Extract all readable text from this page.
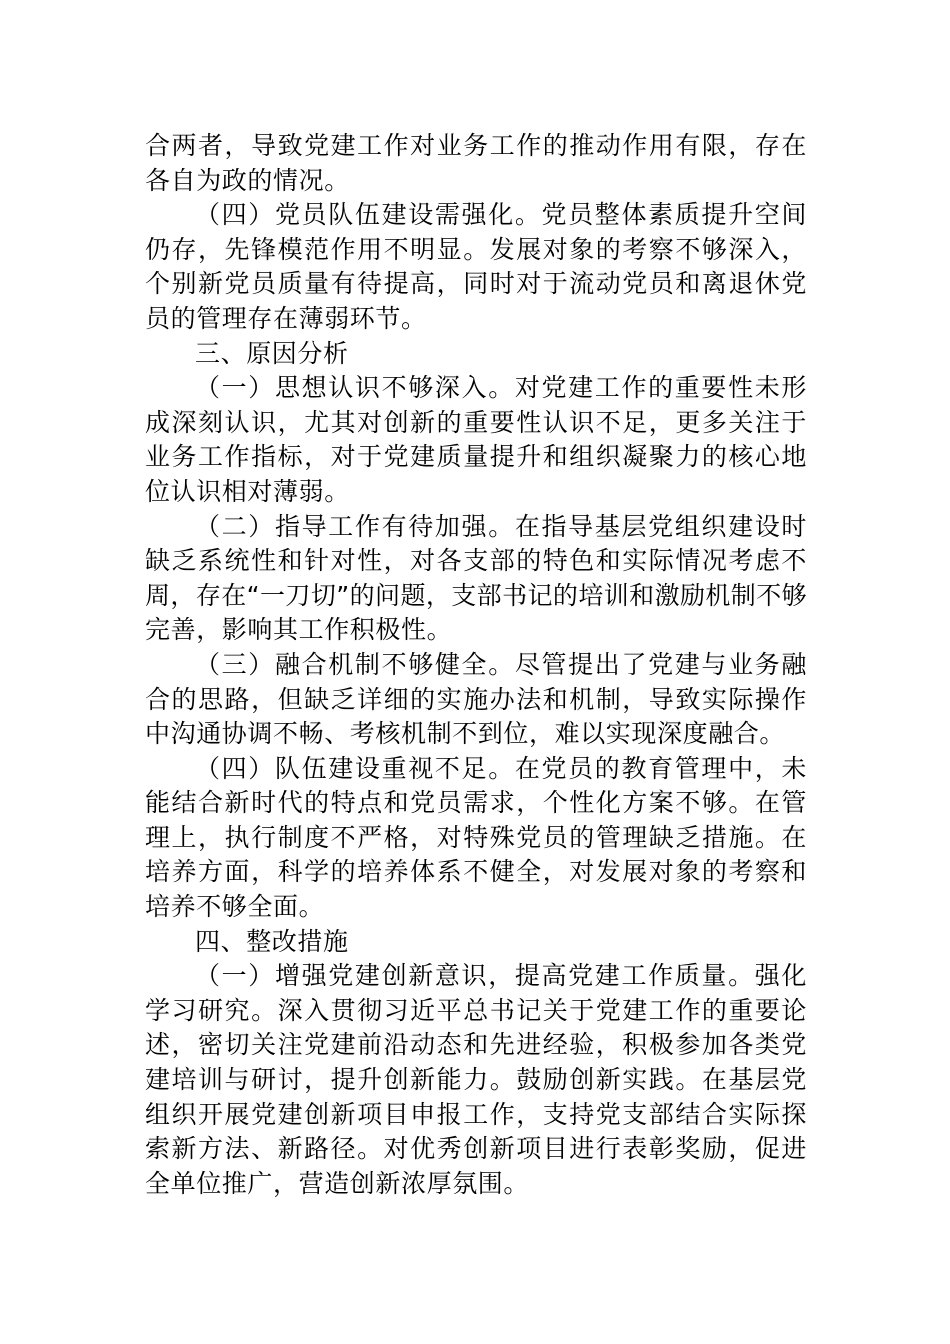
合两者，导致党建工作对业务工作的推动作用有限，存在
各自为政的情况。
（四）党员队伍建设需强化。党员整体素质提升空间
仍存，先锋模范作用不明显。发展对象的考察不够深入，
个别新党员质量有待提高，同时对于流动党员和离退休党
员的管理存在薄弱环节。
三、原因分析
（一）思想认识不够深入。对党建工作的重要性未形
成深刻认识，尤其对创新的重要性认识不足，更多关注于
业务工作指标，对于党建质量提升和组织凝聚力的核心地
位认识相对薄弱。
（二）指导工作有待加强。在指导基层党组织建设时
缺乏系统性和针对性，对各支部的特色和实际情况考虑不
周，存在“一刀切”的问题，支部书记的培训和激励机制不够
完善，影响其工作积极性。
（三）融合机制不够健全。尽管提出了党建与业务融
合的思路，但缺乏详细的实施办法和机制，导致实际操作
中沟通协调不畅、考核机制不到位，难以实现深度融合。
（四）队伍建设重视不足。在党员的教育管理中，未
能结合新时代的特点和党员需求，个性化方案不够。在管
理上，执行制度不严格，对特殊党员的管理缺乏措施。在
培养方面，科学的培养体系不健全，对发展对象的考察和
培养不够全面。
四、整改措施
（一）增强党建创新意识，提高党建工作质量。强化
学习研究。深入贯彻习近平总书记关于党建工作的重要论
述，密切关注党建前沿动态和先进经验，积极参加各类党
建培训与研讨，提升创新能力。鼓励创新实践。在基层党
组织开展党建创新项目申报工作，支持党支部结合实际探
索新方法、新路径。对优秀创新项目进行表彰奖励，促进
全单位推广，营造创新浓厚氛围。
